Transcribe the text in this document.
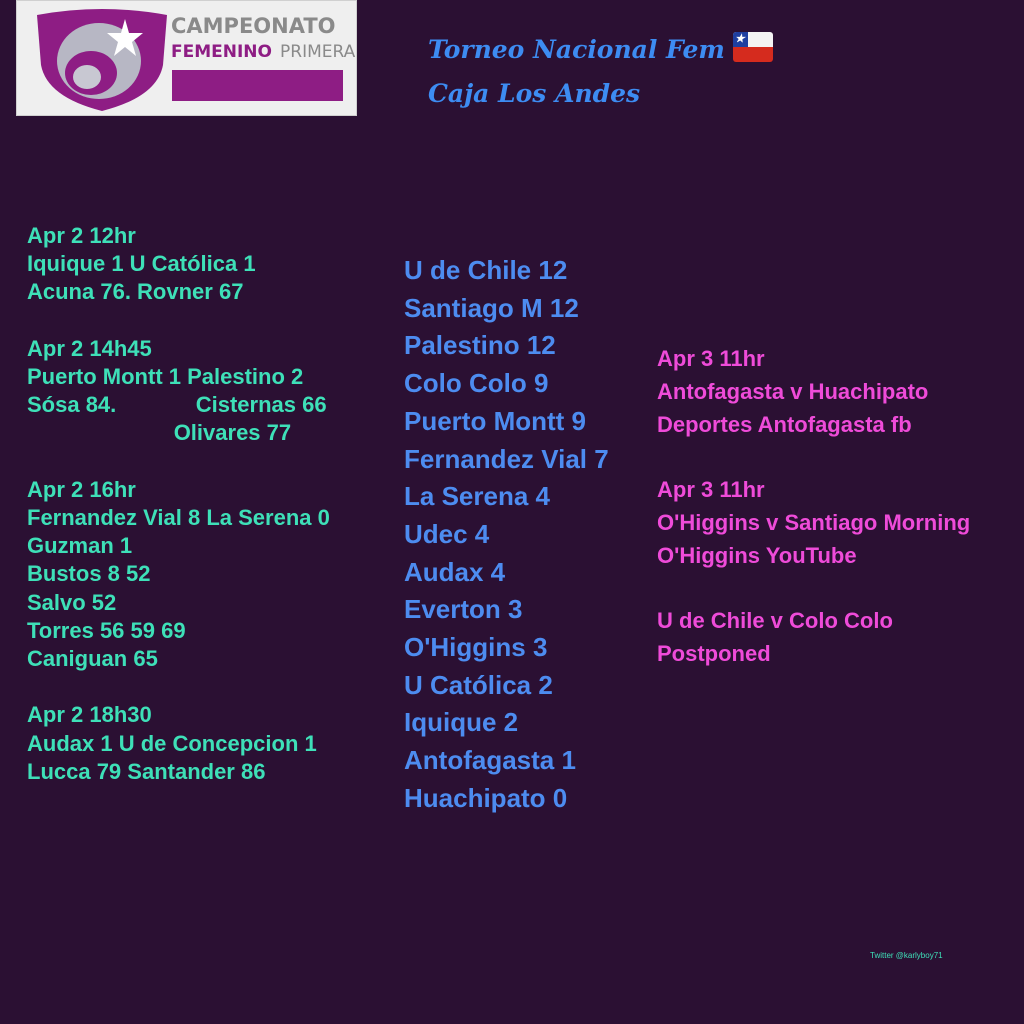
CAMPEONATO
FEMENINO PRIMERA	Torneo Nacional Fem ★
Caja Los Andes
Apr 2 12hr
Iquique 1 U Católica 1
Acuna 76. Rovner 67
Apr 2 14h45
Puerto Montt 1 Palestino 2
Sósa 84.             Cisternas 66
Olivares 77
Apr 2 16hr
Fernandez Vial 8 La Serena 0
Guzman 1
Bustos 8 52
Salvo 52
Torres 56 59 69
Caniguan 65
Apr 2 18h30
Audax 1 U de Concepcion 1
Lucca 79 Santander 86
U de Chile 12
Santiago M 12
Palestino 12
Colo Colo 9
Puerto Montt 9
Fernandez Vial 7
La Serena 4
Udec 4
Audax 4
Everton 3
O'Higgins 3
U Católica 2
Iquique 2
Antofagasta 1
Huachipato 0
Apr 3 11hr
Antofagasta v Huachipato
Deportes Antofagasta fb
Apr 3 11hr
O'Higgins v Santiago Morning
O'Higgins YouTube
U de Chile v Colo Colo
Postponed
Twitter @karlyboy71
